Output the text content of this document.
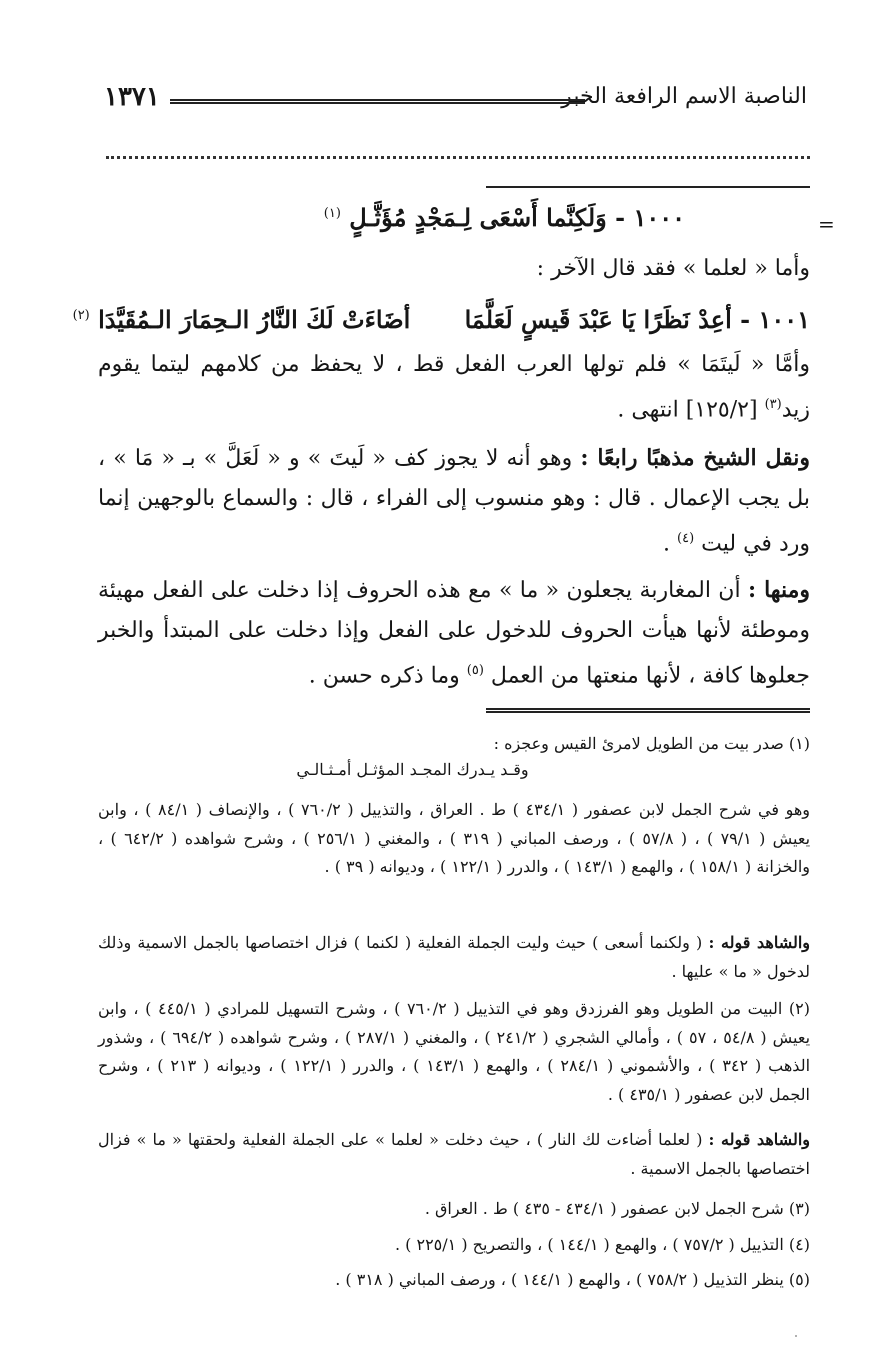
الناصبة الاسم الرافعة الخبر
١٣٧١
=
١٠٠٠ - وَلَكِنَّما أَسْعَى لِـمَجْدٍ مُؤَثَّـلٍ $^{(١)}$
وأما « لعلما » فقد قال الآخر :
١٠٠١ - أعِدْ نَظَرًا يَا عَبْدَ قَيسٍ لَعَلَّمَا أضَاءَتْ لَكَ النَّارُ الـحِمَارَ الـمُقَيَّدَا $^{(٢)}$
وأمَّا « لَيتَمَا » فلم تولها العرب الفعل قط ، لا يحفظ من كلامهم ليتما يقوم زيد$^{(٣)}$ [١٢٥/٢] انتهى .
ونقل الشيخ مذهبًا رابعًا : وهو أنه لا يجوز كف « لَيتَ » و « لَعَلَّ » بـ « مَا » ، بل يجب الإعمال . قال : وهو منسوب إلى الفراء ، قال : والسماع بالوجهين إنما ورد في ليت $^{(٤)}$ .
ومنها : أن المغاربة يجعلون « ما » مع هذه الحروف إذا دخلت على الفعل مهيئة وموطئة لأنها هيأت الحروف للدخول على الفعل وإذا دخلت على المبتدأ والخبر جعلوها كافة ، لأنها منعتها من العمل $^{(٥)}$ وما ذكره حسن .
(١) صدر بيت من الطويل لامرئ القيس وعجزه :
وقـد يـدرك المجـد المؤثـل أمـثـالـي
وهو في شرح الجمل لابن عصفور ( ٤٣٤/١ ) ط . العراق ، والتذييل ( ٧٦٠/٢ ) ، والإنصاف ( ٨٤/١ ) ، وابن يعيش ( ٧٩/١ ) ، ( ٥٧/٨ ) ، ورصف المباني ( ٣١٩ ) ، والمغني ( ٢٥٦/١ ) ، وشرح شواهده ( ٦٤٢/٢ ) ، والخزانة ( ١٥٨/١ ) ، والهمع ( ١٤٣/١ ) ، والدرر ( ١٢٢/١ ) ، وديوانه ( ٣٩ ) .
والشاهد قوله : ( ولكنما أسعى ) حيث وليت الجملة الفعلية ( لكنما ) فزال اختصاصها بالجمل الاسمية وذلك لدخول « ما » عليها .
(٢) البيت من الطويل وهو الفرزدق وهو في التذييل ( ٧٦٠/٢ ) ، وشرح التسهيل للمرادي ( ٤٤٥/١ ) ، وابن يعيش ( ٥٤/٨ ، ٥٧ ) ، وأمالي الشجري ( ٢٤١/٢ ) ، والمغني ( ٢٨٧/١ ) ، وشرح شواهده ( ٦٩٤/٢ ) ، وشذور الذهب ( ٣٤٢ ) ، والأشموني ( ٢٨٤/١ ) ، والهمع ( ١٤٣/١ ) ، والدرر ( ١٢٢/١ ) ، وديوانه ( ٢١٣ ) ، وشرح الجمل لابن عصفور ( ٤٣٥/١ ) .
والشاهد قوله : ( لعلما أضاءت لك النار ) ، حيث دخلت « لعلما » على الجملة الفعلية ولحقتها « ما » فزال اختصاصها بالجمل الاسمية .
(٣) شرح الجمل لابن عصفور ( ٤٣٤/١ - ٤٣٥ ) ط . العراق .
(٤) التذييل ( ٧٥٧/٢ ) ، والهمع ( ١٤٤/١ ) ، والتصريح ( ٢٢٥/١ ) .
(٥) ينظر التذييل ( ٧٥٨/٢ ) ، والهمع ( ١٤٤/١ ) ، ورصف المباني ( ٣١٨ ) .
